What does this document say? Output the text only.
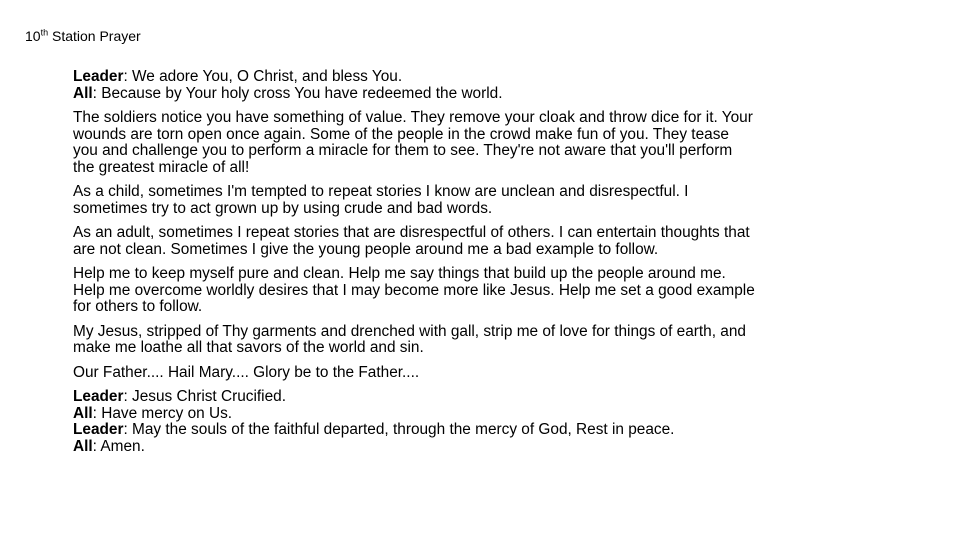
10th Station Prayer
Leader: We adore You, O Christ, and bless You.
All: Because by Your holy cross You have redeemed the world.
The soldiers notice you have something of value. They remove your cloak and throw dice for it. Your
wounds are torn open once again. Some of the people in the crowd make fun of you. They tease
you and challenge you to perform a miracle for them to see. They're not aware that you'll perform
the greatest miracle of all!
As a child, sometimes I'm tempted to repeat stories I know are unclean and disrespectful. I
sometimes try to act grown up by using crude and bad words.
As an adult, sometimes I repeat stories that are disrespectful of others. I can entertain thoughts that
are not clean. Sometimes I give the young people around me a bad example to follow.
Help me to keep myself pure and clean. Help me say things that build up the people around me.
Help me overcome worldly desires that I may become more like Jesus. Help me set a good example
for others to follow.
My Jesus, stripped of Thy garments and drenched with gall, strip me of love for things of earth, and
make me loathe all that savors of the world and sin.
Our Father.... Hail Mary.... Glory be to the Father....
Leader: Jesus Christ Crucified.
All: Have mercy on Us.
Leader: May the souls of the faithful departed, through the mercy of God, Rest in peace.
All: Amen.
